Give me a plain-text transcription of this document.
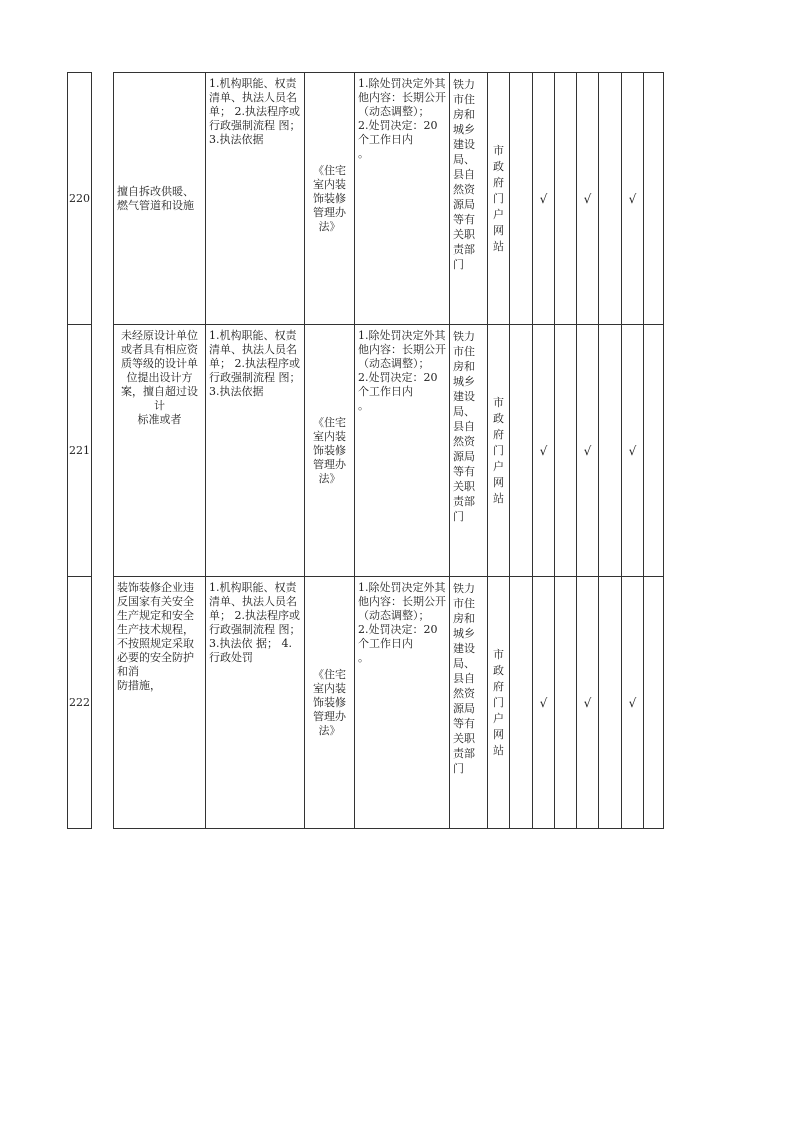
220		擅自拆改供暖、燃气管道和设施	1.机构职能、权责清单、执法人员名单； 2.执法程序或行政强制流程 图； 3.执法依据	《住宅室内装饰装修管理办法》	1.除处罚决定外其他内容：长期公开
（动态调整）；
2.处罚决定：20个工作日内
。	铁力市住房和城乡建设局、县自然资源局等有关职责部门	市政府门户网站		√		√		√	
221		未经原设计单位或者具有相应资质等级的设计单位提出设计方案，擅自超过设计
标准或者	1.机构职能、权责清单、执法人员名单； 2.执法程序或行政强制流程 图； 3.执法依据	《住宅室内装饰装修管理办法》	1.除处罚决定外其他内容：长期公开
（动态调整）；
2.处罚决定：20个工作日内
。	铁力市住房和城乡建设局、县自然资源局等有关职责部门	市政府门户网站		√		√		√	
222		装饰装修企业违反国家有关安全生产规定和安全生产技术规程，不按照规定采取必要的安全防护和消
防措施，	1.机构职能、权责清单、执法人员名单； 2.执法程序或行政强制流程 图； 3.执法依 据； 4.行政处罚	《住宅室内装饰装修管理办法》	1.除处罚决定外其他内容：长期公开
（动态调整）；
2.处罚决定：20个工作日内
。	铁力市住房和城乡建设局、县自然资源局等有关职责部门	市政府门户网站		√		√		√	
